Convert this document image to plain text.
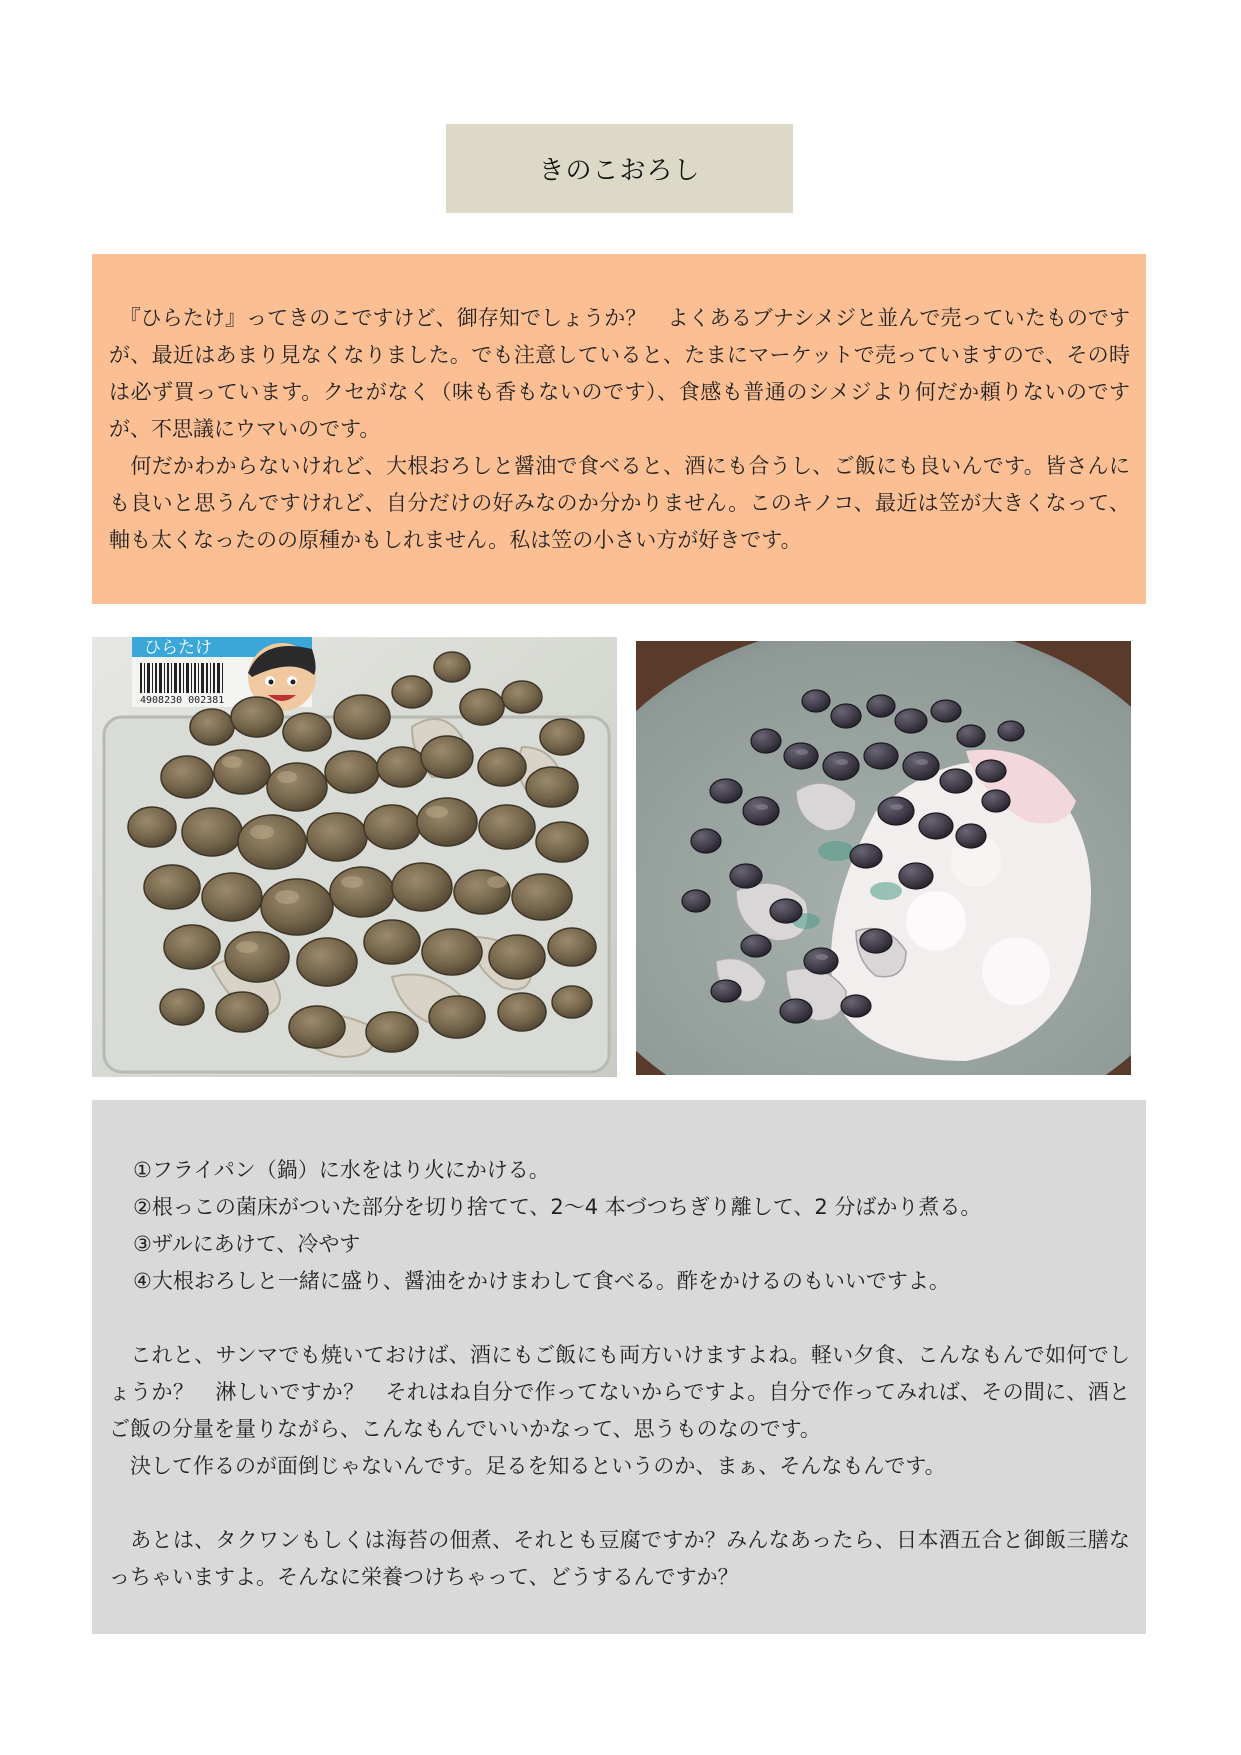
きのこおろし

　『ひらたけ』ってきのこですけど、御存知でしょうか？　よくあるブナシメジと並んで売っていたものですが、最近はあまり見なくなりました。でも注意していると、たまにマーケットで売っていますので、その時は必ず買っています。クセがなく（味も香もないのです）、食感も普通のシメジより何だか頼りないのですが、不思議にウマいのです。

　何だかわからないけれど、大根おろしと醤油で食べると、酒にも合うし、ご飯にも良いんです。皆さんにも良いと思うんですけれど、自分だけの好みなのか分かりません。このキノコ、最近は笠が大きくなって、軸も太くなったのの原種かもしれません。私は笠の小さい方が好きです。

ひらたけ
4908230 002381

①フライパン（鍋）に水をはり火にかける。

②根っこの菌床がついた部分を切り捨てて、2～4 本づつちぎり離して、2 分ばかり煮る。

③ザルにあけて、冷やす

④大根おろしと一緒に盛り、醤油をかけまわして食べる。酢をかけるのもいいですよ。

　これと、サンマでも焼いておけば、酒にもご飯にも両方いけますよね。軽い夕食、こんなもんで如何でしょうか？　淋しいですか？　それはね自分で作ってないからですよ。自分で作ってみれば、その間に、酒とご飯の分量を量りながら、こんなもんでいいかなって、思うものなのです。

　決して作るのが面倒じゃないんです。足るを知るというのか、まぁ、そんなもんです。

　あとは、タクワンもしくは海苔の佃煮、それとも豆腐ですか？みんなあったら、日本酒五合と御飯三膳なっちゃいますよ。そんなに栄養つけちゃって、どうするんですか？
